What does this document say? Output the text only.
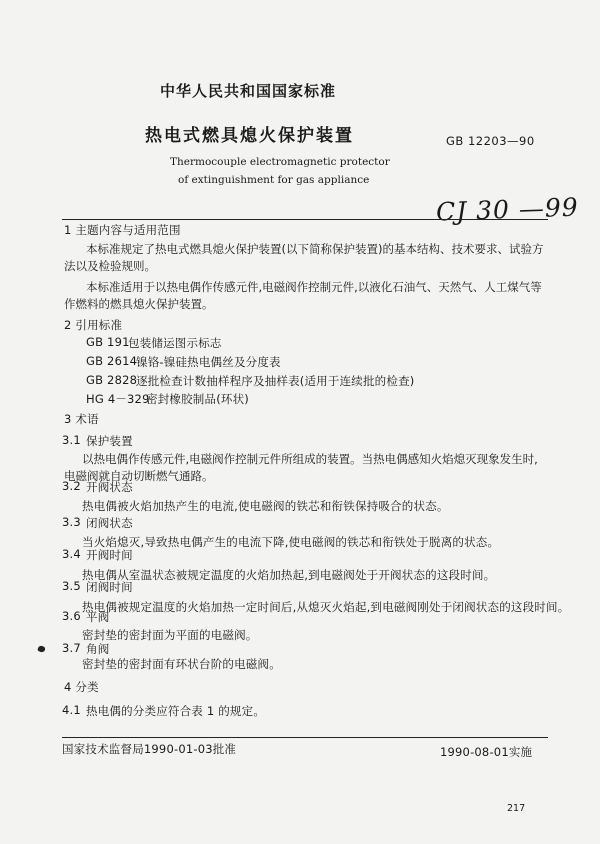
中华人民共和国国家标准
热电式燃具熄火保护装置	GB 12203—90
Thermocouple electromagnetic protector
of extinguishment for gas appliance
CJ 30 —99
1 主题内容与适用范围
本标准规定了热电式燃具熄火保护装置(以下简称保护装置)的基本结构、技术要求、试验方法以及检验规则。
本标准适用于以热电偶作传感元件,电磁阀作控制元件,以液化石油气、天然气、人工煤气等作燃料的燃具熄火保护装置。
2 引用标准
GB 191
包装储运图示标志
GB 2614
镍铬-镍硅热电偶丝及分度表
GB 2828
逐批检查计数抽样程序及抽样表(适用于连续批的检查)
HG 4－329
密封橡胶制品(环状)
3 术语
3.1 保护装置
以热电偶作传感元件,电磁阀作控制元件所组成的装置。当热电偶感知火焰熄灭现象发生时,电磁阀就自动切断燃气通路。
3.2 开阀状态
热电偶被火焰加热产生的电流,使电磁阀的铁芯和衔铁保持吸合的状态。
3.3 闭阀状态
当火焰熄灭,导致热电偶产生的电流下降,使电磁阀的铁芯和衔铁处于脱离的状态。
3.4 开阀时间
热电偶从室温状态被规定温度的火焰加热起,到电磁阀处于开阀状态的这段时间。
3.5 闭阀时间
热电偶被规定温度的火焰加热一定时间后,从熄灭火焰起,到电磁阀刚处于闭阀状态的这段时间。
3.6 平阀
密封垫的密封面为平面的电磁阀。
3.7 角阀
密封垫的密封面有环状台阶的电磁阀。
4 分类
4.1 热电偶的分类应符合表 1 的规定。
国家技术监督局1990-01-03批准	1990-08-01实施
217
